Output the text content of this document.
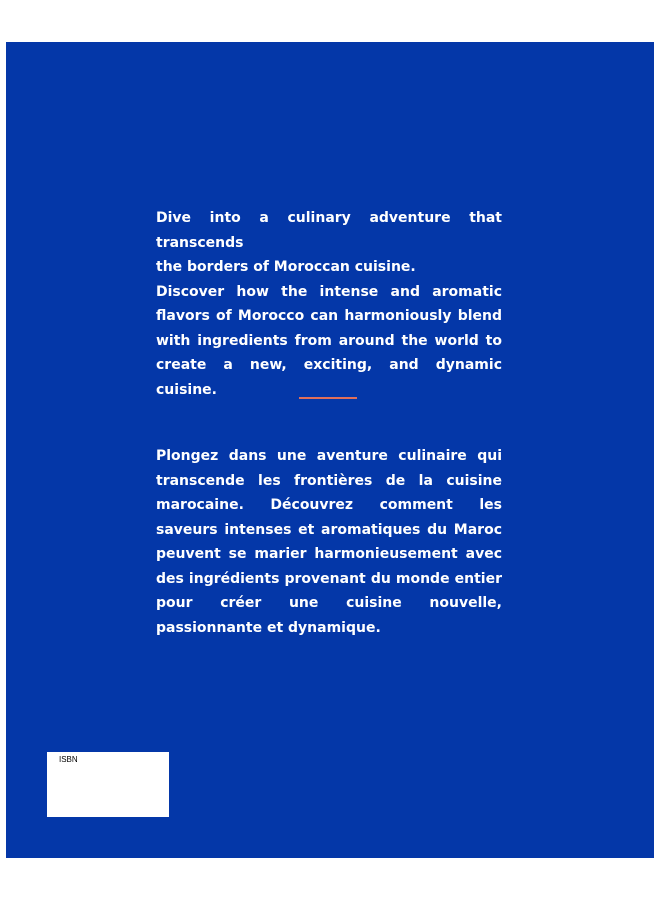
Dive into a culinary adventure that transcends
the borders of Moroccan cuisine.

Discover how the intense and aromatic flavors of Morocco can harmoniously blend with ingredients from around the world to create a new, exciting, and dynamic cuisine.

Plongez dans une aventure culinaire qui transcende les frontières de la cuisine marocaine. Découvrez comment les saveurs intenses et aromatiques du Maroc peuvent se marier harmonieusement avec des ingrédients provenant du monde entier pour créer une cuisine nouvelle, passionnante et dynamique.

ISBN
